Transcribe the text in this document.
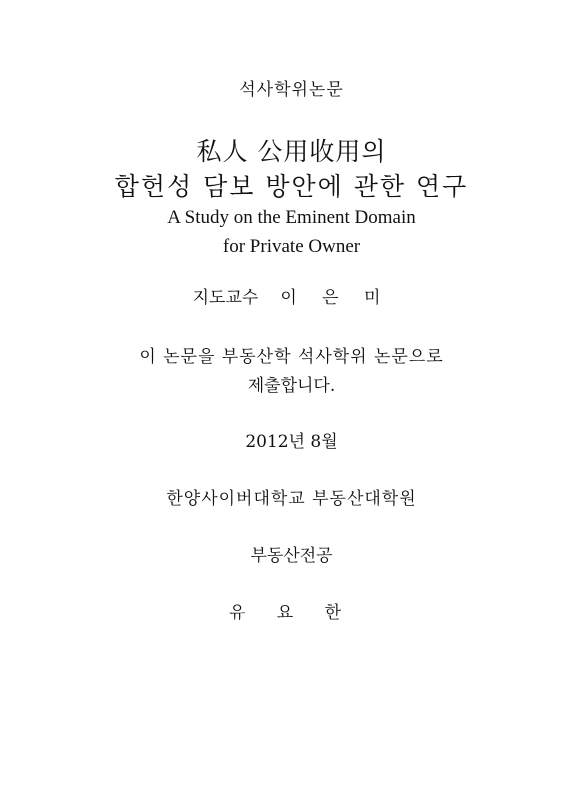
석사학위논문
私人 公用收用의
합헌성 담보 방안에 관한 연구
A Study on the Eminent Domain
for Private Owner
지도교수 이 은 미
이 논문을 부동산학 석사학위 논문으로
제출합니다.
2012년 8월
한양사이버대학교 부동산대학원
부동산전공
유 요 한
